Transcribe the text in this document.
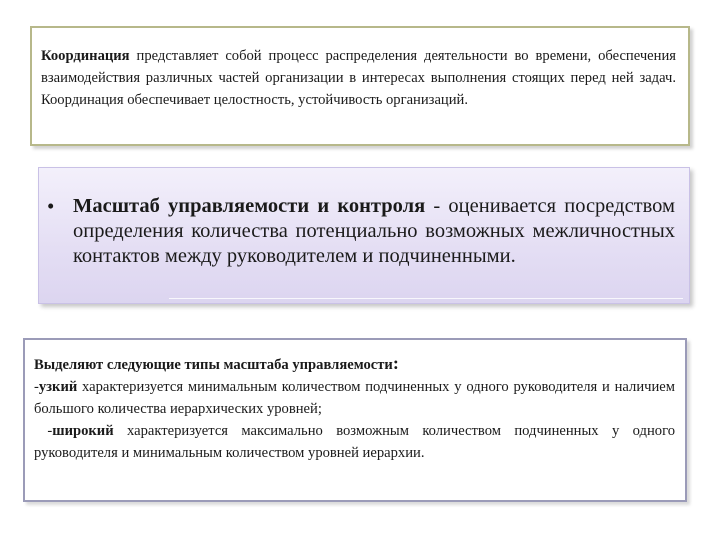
Координация представляет собой процесс распределения деятельности во времени, обеспечения взаимодействия различных частей организации в интересах выполнения стоящих перед ней задач. Координация обеспечивает целостность, устойчивость организаций.

• Масштаб управляемости и контроля - оценивается посредством определения количества потенциально возможных межличностных контактов между руководителем и подчиненными.

Выделяют следующие типы масштаба управляемости:

-узкий характеризуется минимальным количеством подчиненных у одного руководителя и наличием большого количества иерархических уровней;

-широкий характеризуется максимально возможным количеством подчиненных у одного руководителя и минимальным количеством уровней иерархии.
